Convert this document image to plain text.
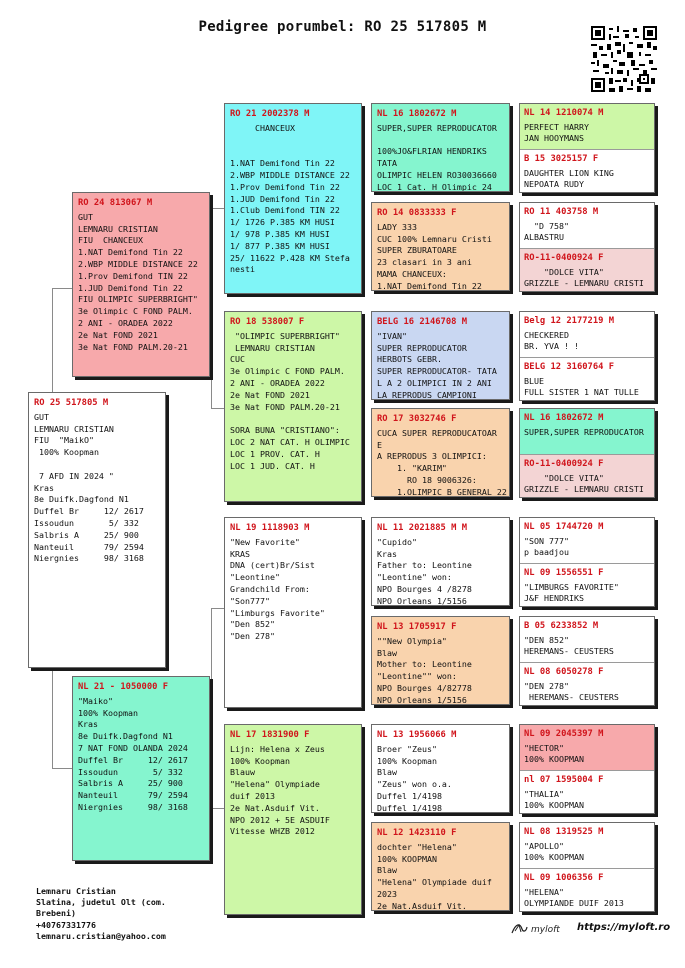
Pedigree porumbel: RO 25 517805 M
RO 25 517805 M
GUT
LEMNARU CRISTIAN
FIU  "MaikO"
100% Koopman

7 AFD IN 2024 "
Kras
8e Duifk.Dagfond N1
Duffel Br     12/ 2617
Issoudun       5/ 332
Salbris A     25/ 900
Nanteuil      79/ 2594
Niergnies     98/ 3168
RO 24 813067 M
GUT
LEMNARU CRISTIAN
FIU  CHANCEUX
1.NAT Demifond Tin 22
2.WBP MIDDLE DISTANCE 22
1.Prov Demifond TIN 22
1.JUD Demifond Tin 22
FIU OLIMPIC SUPERBRIGHT"
3e Olimpic C FOND PALM.
2 ANI - ORADEA 2022
2e Nat FOND 2021
3e Nat FOND PALM.20-21
NL 21 - 1050000 F
"Maiko"
100% Koopman
Kras
8e Duifk.Dagfond N1
7 NAT FOND OLANDA 2024
Duffel Br     12/ 2617
Issoudun       5/ 332
Salbris A     25/ 900
Nanteuil      79/ 2594
Niergnies     98/ 3168
RO 21 2002378 M
CHANCEUX

1.NAT Demifond Tin 22
2.WBP MIDDLE DISTANCE 22
1.Prov Demifond Tin 22
1.JUD Demifond Tin 22
1.Club Demifond TIN 22
1/ 1726 P.385 KM HUSI
1/ 978 P.385 KM HUSI
1/ 877 P.385 KM HUSI
25/ 11622 P.428 KM Stefa
nesti
RO 18 538007 F
"OLIMPIC SUPERBRIGHT"
LEMNARU CRISTIAN
CUC
3e Olimpic C FOND PALM.
2 ANI - ORADEA 2022
2e Nat FOND 2021
3e Nat FOND PALM.20-21

SORA BUNA "CRISTIANO":
LOC 2 NAT CAT. H OLIMPIC
LOC 1 PROV. CAT. H
LOC 1 JUD. CAT. H
NL 19 1118903 M
"New Favorite"
KRAS
DNA (cert)Br/Sist
"Leontine"
Grandchild From:
"Son777"
"Limburgs Favorite"
"Den 852"
"Den 278"
NL 17 1831900 F
Lijn: Helena x Zeus
100% Koopman
Blauw
"Helena" Olympiade
duif 2013
2e Nat.Asduif Vit.
NPO 2012 + 5E ASDUIF
Vitesse WHZB 2012
NL 16 1802672 M
SUPER,SUPER REPRODUCATOR

100%JO&FLRIAN HENDRIKS
TATA
OLIMPIC HELEN RO30036660
LOC 1 Cat. H Olimpic 24
RO 14 0833333 F
LADY 333
CUC 100% Lemnaru Cristi
SUPER ZBURATOARE
23 clasari in 3 ani
MAMA CHANCEUX:
1.NAT Demifond Tin 22
BELG 16 2146708 M
"IVAN"
SUPER REPRODUCATOR
HERBOTS GEBR.
SUPER REPRODUCATOR- TATA
L A 2 OLIMPICI IN 2 ANI
LA REPRODUS CAMPIONI
RO 17 3032746 F
CUCA SUPER REPRODUCATOAR
E
A REPRODUS 3 OLIMPICI:
1. "KARIM"
RO 18 9006326:
1.OLIMPIC B GENERAL 22
NL 11 2021885 M M
"Cupido"
Kras
Father to: Leontine
"Leontine" won:
NPO Bourges 4 /8278
NPO Orleans 1/5156
NL 13 1705917 F
""New Olympia"
Blaw
Mother to: Leontine
"Leontine"" won:
NPO Bourges 4/82778
NPO Orleans 1/5156
NL 13 1956066 M
Broer "Zeus"
100% Koopman
Blaw
"Zeus" won o.a.
Duffel 1/4198
Duffel 1/4198
NL 12 1423110 F
dochter "Helena"
100% KOOPMAN
Blaw
"Helena" Olympiade duif
2023
2e Nat.Asduif Vit.
NL 14 1210074 M
PERFECT HARRY
JAN HOOYMANS
B 15 3025157 F
DAUGHTER LION KING
NEPOATA RUDY
RO 11 403758 M
"D 758"
ALBASTRU
RO-11-0400924 F
"DOLCE VITA"
GRIZZLE - LEMNARU CRISTI
Belg 12 2177219 M
CHECKERED
BR. YVA ! !
BELG 12 3160764 F
BLUE
FULL SISTER 1 NAT TULLE
NL 16 1802672 M
SUPER,SUPER REPRODUCATOR
RO-11-0400924 F
"DOLCE VITA"
GRIZZLE - LEMNARU CRISTI
NL 05 1744720 M
"SON 777"
p baadjou
NL 09 1556551 F
"LIMBURGS FAVORITE"
J&F HENDRIKS
B 05 6233852 M
"DEN 852"
HEREMANS- CEUSTERS
NL 08 6050278 F
"DEN 278"
HEREMANS- CEUSTERS
NL 09 2045397 M
"HECTOR"
100% KOOPMAN
nl 07 1595004 F
"THALIA"
100% KOOPMAN
NL 08 1319525 M
"APOLLO"
100% KOOPMAN
NL 09 1006356 F
"HELENA"
OLYMPIANDE DUIF 2013
Lemnaru Cristian
Slatina, judetul Olt (com.
Brebeni)
+40767331776
lemnaru.cristian@yahoo.com
myloft https://myloft.ro
